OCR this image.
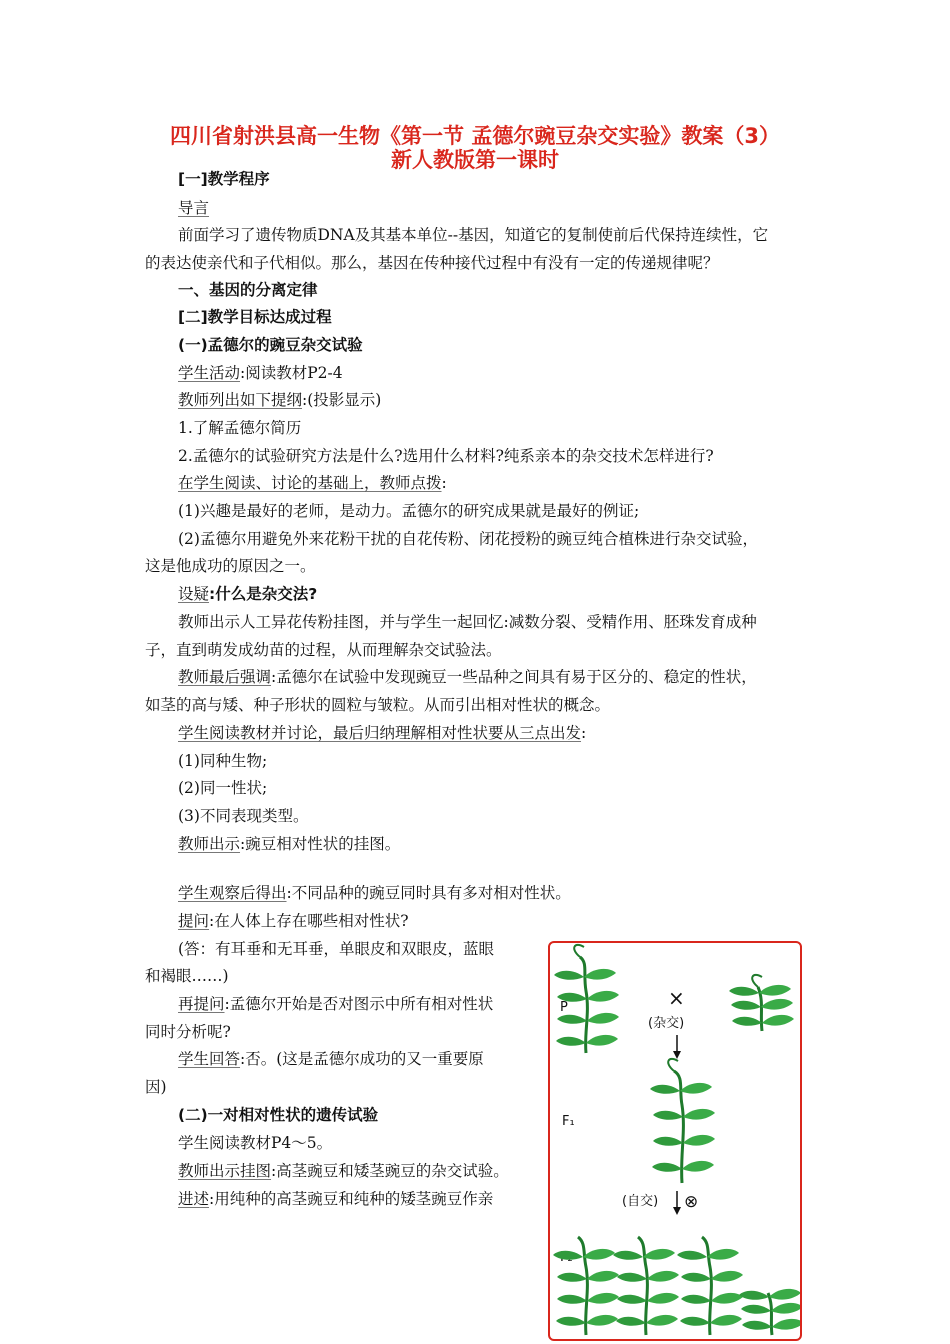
四川省射洪县高一生物《第一节 孟德尔豌豆杂交实验》教案（3）
新人教版第一课时
[一]教学程序
导言
前面学习了遗传物质DNA及其基本单位--基因，知道它的复制使前后代保持连续性，它
的表达使亲代和子代相似。那么，基因在传种接代过程中有没有一定的传递规律呢？
一、基因的分离定律
[二]教学目标达成过程
(一)孟德尔的豌豆杂交试验
学生活动:阅读教材P2-4
教师列出如下提纲:(投影显示)
1.了解孟德尔简历
2.孟德尔的试验研究方法是什么?选用什么材料?纯系亲本的杂交技术怎样进行?
在学生阅读、讨论的基础上，教师点拨:
(1)兴趣是最好的老师，是动力。孟德尔的研究成果就是最好的例证;
(2)孟德尔用避免外来花粉干扰的自花传粉、闭花授粉的豌豆纯合植株进行杂交试验，
这是他成功的原因之一。
设疑:什么是杂交法?
教师出示人工异花传粉挂图，并与学生一起回忆:减数分裂、受精作用、胚珠发育成种
子，直到萌发成幼苗的过程，从而理解杂交试验法。
教师最后强调:孟德尔在试验中发现豌豆一些品种之间具有易于区分的、稳定的性状，
如茎的高与矮、种子形状的圆粒与皱粒。从而引出相对性状的概念。
学生阅读教材并讨论，最后归纳理解相对性状要从三点出发:
(1)同种生物;
(2)同一性状;
(3)不同表现类型。
教师出示:豌豆相对性状的挂图。
学生观察后得出:不同品种的豌豆同时具有多对相对性状。
提问:在人体上存在哪些相对性状?
(答：有耳垂和无耳垂，单眼皮和双眼皮，蓝眼
和褐眼……)
再提问:孟德尔开始是否对图示中所有相对性状
同时分析呢?
学生回答:否。(这是孟德尔成功的又一重要原
因)
(二)一对相对性状的遗传试验
学生阅读教材P4～5。
教师出示挂图:高茎豌豆和矮茎豌豆的杂交试验。
进述:用纯种的高茎豌豆和纯种的矮茎豌豆作亲
P	×
(杂交)
F₁
(自交) ⊗
